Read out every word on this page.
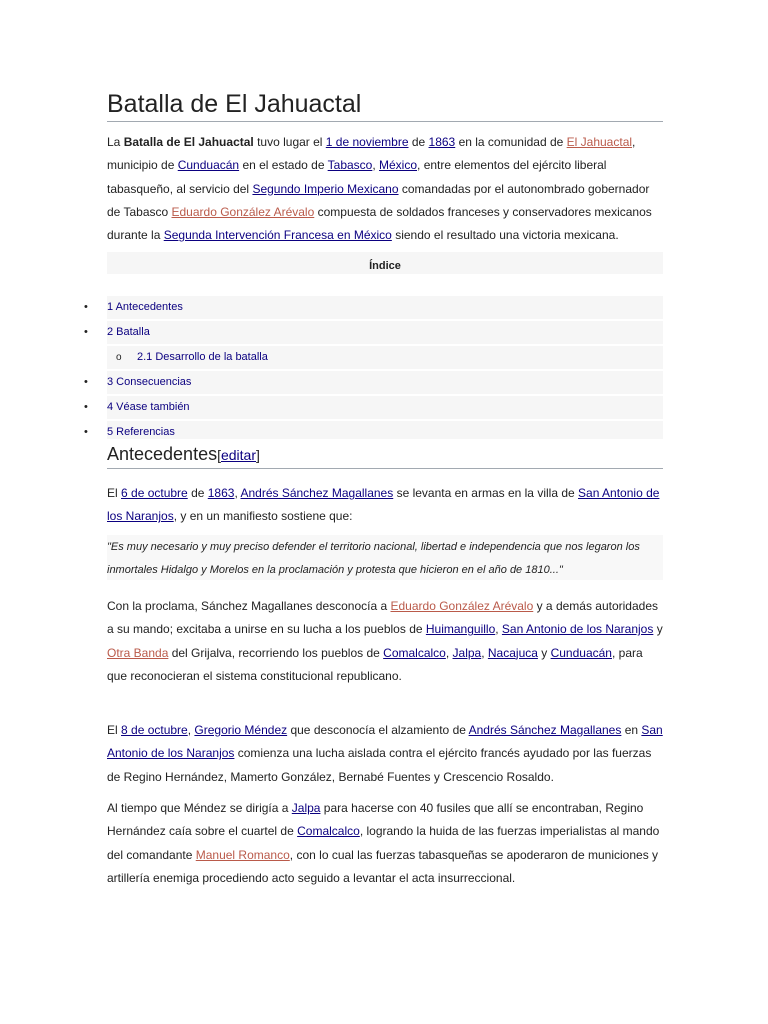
Batalla de El Jahuactal

La Batalla de El Jahuactal tuvo lugar el 1 de noviembre de 1863 en la comunidad de El Jahuactal, municipio de Cunduacán en el estado de Tabasco, México, entre elementos del ejército liberal tabasqueño, al servicio del Segundo Imperio Mexicano comandadas por el autonombrado gobernador de Tabasco Eduardo González Arévalo compuesta de soldados franceses y conservadores mexicanos durante la Segunda Intervención Francesa en México siendo el resultado una victoria mexicana.

Índice
1 Antecedentes
•
2 Batalla
•
2.1 Desarrollo de la batalla
o
3 Consecuencias
•
4 Véase también
•
5 Referencias
•
Antecedentes[editar]

El 6 de octubre de 1863, Andrés Sánchez Magallanes se levanta en armas en la villa de San Antonio de los Naranjos, y en un manifiesto sostiene que:

"Es muy necesario y muy preciso defender el territorio nacional, libertad e independencia que nos legaron los inmortales Hidalgo y Morelos en la proclamación y protesta que hicieron en el año de 1810..."

Con la proclama, Sánchez Magallanes desconocía a Eduardo González Arévalo y a demás autoridades a su mando; excitaba a unirse en su lucha a los pueblos de Huimanguillo, San Antonio de los Naranjos y Otra Banda del Grijalva, recorriendo los pueblos de Comalcalco, Jalpa, Nacajuca y Cunduacán, para que reconocieran el sistema constitucional republicano.

El 8 de octubre, Gregorio Méndez que desconocía el alzamiento de Andrés Sánchez Magallanes en San Antonio de los Naranjos comienza una lucha aislada contra el ejército francés ayudado por las fuerzas de Regino Hernández, Mamerto González, Bernabé Fuentes y Crescencio Rosaldo.

Al tiempo que Méndez se dirigía a Jalpa para hacerse con 40 fusiles que allí se encontraban, Regino Hernández caía sobre el cuartel de Comalcalco, logrando la huida de las fuerzas imperialistas al mando del comandante Manuel Romanco, con lo cual las fuerzas tabasqueñas se apoderaron de municiones y artillería enemiga procediendo acto seguido a levantar el acta insurreccional.
